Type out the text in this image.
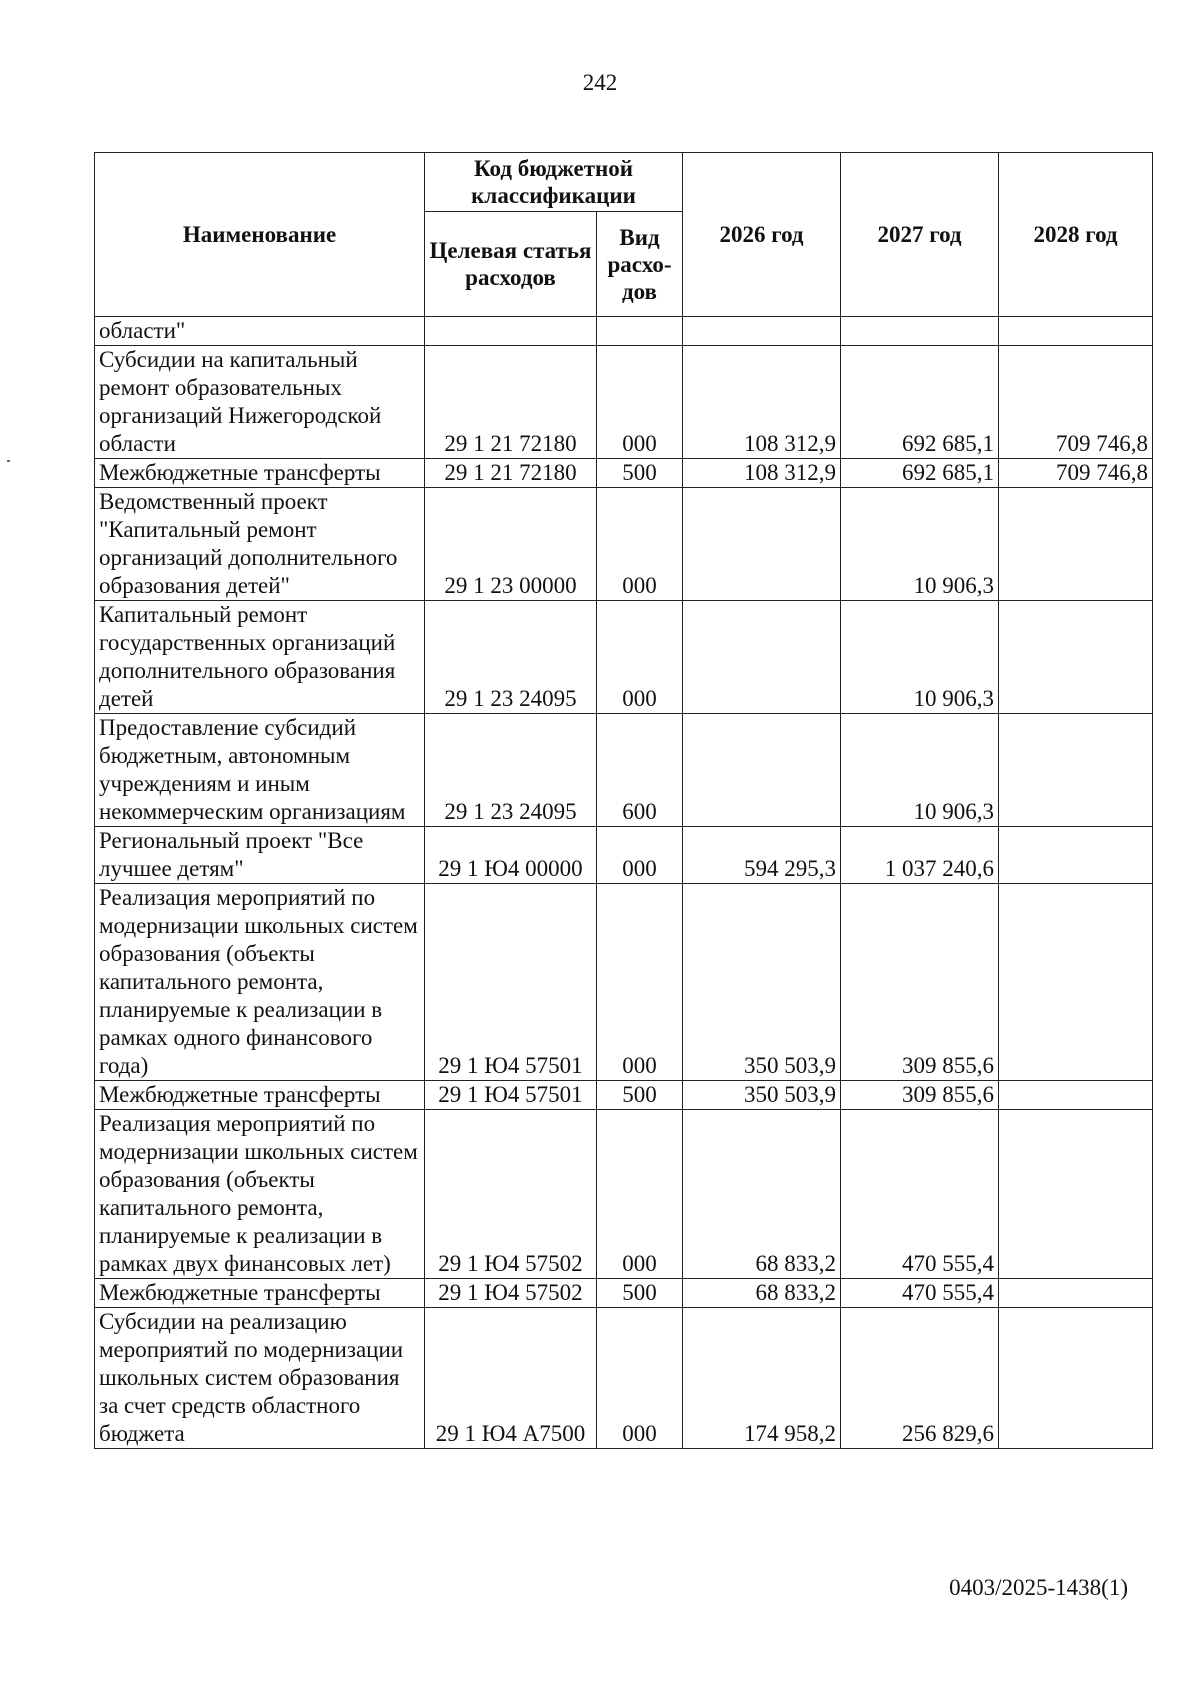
242
Наименование	Код бюджетной классификации		2026 год	2027 год	2028 год
	Целевая статья расходов	Вид расхо-дов			
области"					
Субсидии на капитальный ремонт образовательных организаций Нижегородской области	29 1 21 72180	000	108 312,9	692 685,1	709 746,8
Межбюджетные трансферты	29 1 21 72180	500	108 312,9	692 685,1	709 746,8
Ведомственный проект "Капитальный ремонт организаций дополнительного образования детей"	29 1 23 00000	000		10 906,3	
Капитальный ремонт государственных организаций дополнительного образования детей	29 1 23 24095	000		10 906,3	
Предоставление субсидий бюджетным, автономным учреждениям и иным некоммерческим организациям	29 1 23 24095	600		10 906,3	
Региональный проект "Все лучшее детям"	29 1 Ю4 00000	000	594 295,3	1 037 240,6	
Реализация мероприятий по модернизации школьных систем образования (объекты капитального ремонта, планируемые к реализации в рамках одного финансового года)	29 1 Ю4 57501	000	350 503,9	309 855,6	
Межбюджетные трансферты	29 1 Ю4 57501	500	350 503,9	309 855,6	
Реализация мероприятий по модернизации школьных систем образования (объекты капитального ремонта, планируемые к реализации в рамках двух финансовых лет)	29 1 Ю4 57502	000	68 833,2	470 555,4	
Межбюджетные трансферты	29 1 Ю4 57502	500	68 833,2	470 555,4	
Субсидии на реализацию мероприятий по модернизации школьных систем образования за счет средств областного бюджета	29 1 Ю4 А7500	000	174 958,2	256 829,6	
0403/2025-1438(1)
